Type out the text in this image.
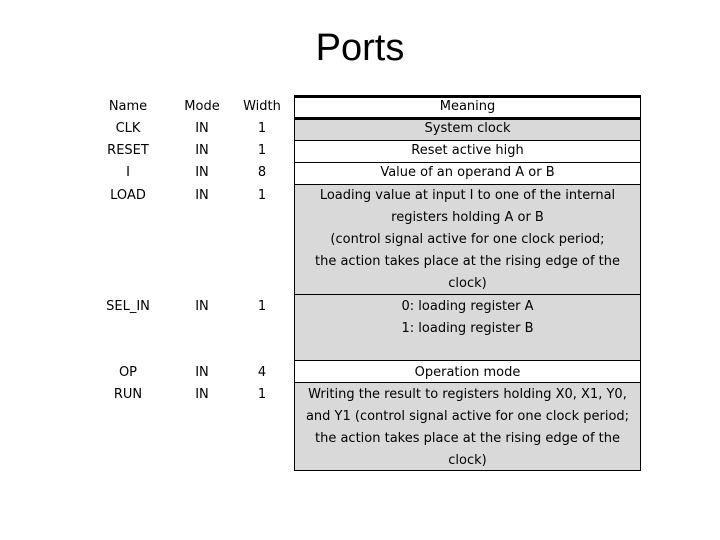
Ports
Name	Mode	Width	Meaning
CLK	IN	1	System clock
RESET	IN	1	Reset active high
I	IN	8	Value of an operand A or B
LOAD	IN	1	Loading value at input I to one of the internal
registers holding A or B
(control signal active for one clock period;
the action takes place at the rising edge of the
clock)
SEL_IN	IN	1	0: loading register A
1: loading register B
OP	IN	4	Operation mode
RUN	IN	1	Writing the result to registers holding X0, X1, Y0,
and Y1 (control signal active for one clock period;
the action takes place at the rising edge of the
clock)
